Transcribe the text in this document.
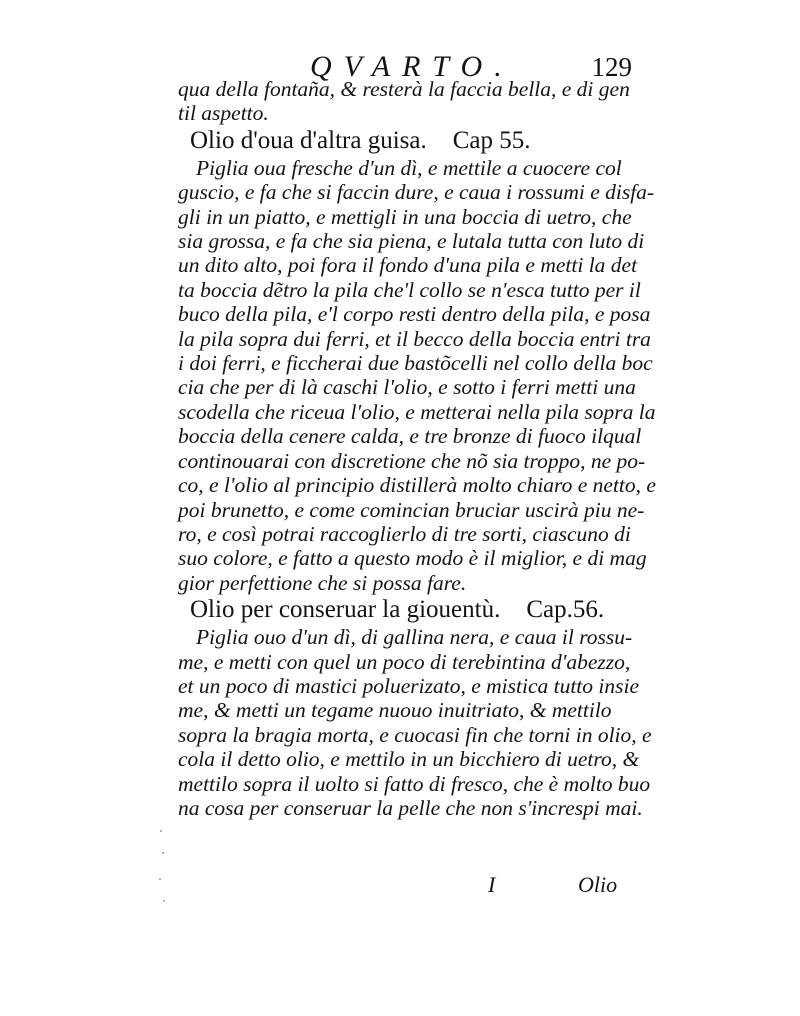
QVARTO.	129
qua della fontaña, & resterà la faccia bella, e di gen
til aspetto.
Olio d'oua d'altra guisa. Cap 55.
Piglia oua fresche d'un dì, e mettile a cuocere col
guscio, e fa che si faccin dure, e caua i rossumi e disfa-
gli in un piatto, e mettigli in una boccia di uetro, che
sia grossa, e fa che sia piena, e lutala tutta con luto di
un dito alto, poi fora il fondo d'una pila e metti la det
ta boccia dẽtro la pila che'l collo se n'esca tutto per il
buco della pila, e'l corpo resti dentro della pila, e posa
la pila sopra dui ferri, et il becco della boccia entri tra
i doi ferri, e ficcherai due bastõcelli nel collo della boc
cia che per di là caschi l'olio, e sotto i ferri metti una
scodella che riceua l'olio, e metterai nella pila sopra la
boccia della cenere calda, e tre bronze di fuoco ilqual
continouarai con discretione che nõ sia troppo, ne po-
co, e l'olio al principio distillerà molto chiaro e netto, e
poi brunetto, e come comincian bruciar uscirà piu ne-
ro, e così potrai raccoglierlo di tre sorti, ciascuno di
suo colore, e fatto a questo modo è il miglior, e di mag
gior perfettione che si possa fare.
Olio per conseruar la giouentù. Cap.56.
Piglia ouo d'un dì, di gallina nera, e caua il rossu-
me, e metti con quel un poco di terebintina d'abezzo,
et un poco di mastici poluerizato, e mistica tutto insie
me, & metti un tegame nuouo inuitriato, & mettilo
sopra la bragia morta, e cuocasi fin che torni in olio, e
cola il detto olio, e mettilo in un bicchiero di uetro, &
mettilo sopra il uolto si fatto di fresco, che è molto buo
na cosa per conseruar la pelle che non s'increspi mai.
I	Olio
